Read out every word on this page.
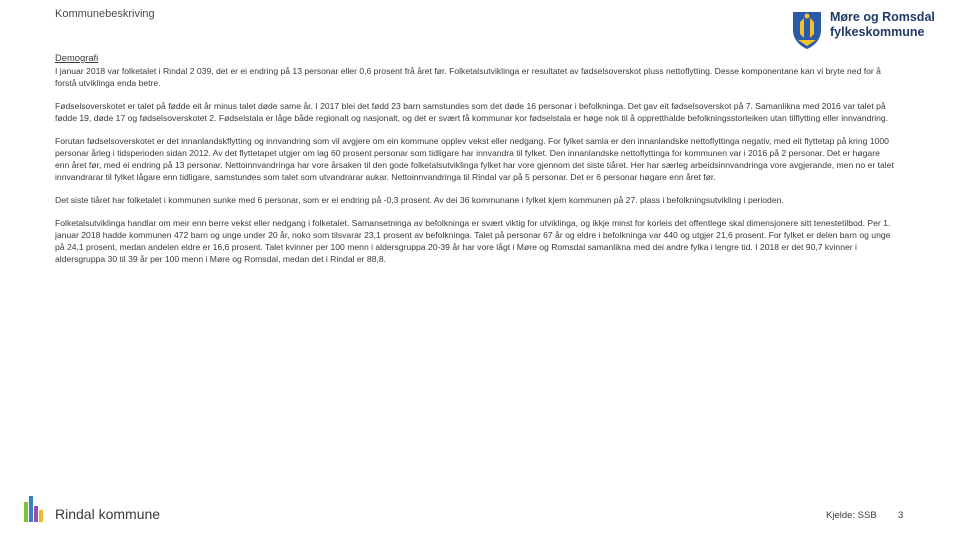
Kommunebeskriving	Møre og Romsdal
fylkeskommune
Demografi

I januar 2018 var folketalet i Rindal 2 039, det er ei endring på 13 personar eller 0,6 prosent frå året før. Folketalsutviklinga er resultatet av fødselsoverskot pluss nettoflytting. Desse komponentane kan vi bryte ned for å forstå utviklinga enda betre.

Fødselsoverskotet er talet på fødde eit år minus talet døde same år. I 2017 blei det fødd 23 barn samstundes som det døde 16 personar i befolkninga. Det gav eit fødselsoverskot på 7. Samanlikna med 2016 var talet på fødde 19, døde 17 og fødselsoverskotet 2. Fødselstala er låge både regionalt og nasjonalt, og det er svært få kommunar kor fødselstala er høge nok til å oppretthalde befolkningsstorleiken utan tilflytting eller innvandring.

Forutan fødselsoverskotet er det innanlandskflytting og innvandring som vil avgjere om ein kommune opplev vekst eller nedgang. For fylket samla er den innanlandske nettoflyttinga negativ, med eit flyttetap på kring 1000 personar årleg i tidsperioden sidan 2012. Av det flyttetapet utgjer om lag 60 prosent personar som tidligare har innvandra til fylket. Den innanlandske nettoflyttinga for kommunen var i 2016 på 2 personar. Det er høgare enn året før, med ei endring på 13 personar. Nettoinnvandringa har vore årsaken til den gode folketalsutviklinga fylket har vore gjennom det siste tiåret. Her har særleg arbeidsinnvandringa vore avgjerande, men no er talet innvandrarar til fylket lågare enn tidligare, samstundes som talet som utvandrarar aukar. Nettoinnvandringa til Rindal var på 5 personar. Det er 6 personar høgare enn året før.

Det siste tiåret har folketalet i kommunen sunke med 6 personar, som er ei endring på -0,3 prosent. Av dei 36 kommunane i fylket kjem kommunen på 27. plass i befolkningsutvikling i perioden.

Folketalsutviklinga handlar om meir enn berre vekst eller nedgang i folketalet. Samansetninga av befolkninga er svært viktig for utviklinga, og ikkje minst for korleis det offentlege skal dimensjonere sitt tenestetilbod. Per 1. januar 2018 hadde kommunen 472 barn og unge under 20 år, noko som tilsvarar 23,1 prosent av befolkninga. Talet på personar 67 år og eldre i befolkninga var 440 og utgjer 21,6 prosent. For fylket er delen barn og unge på 24,1 prosent, medan andelen eldre er 16,6 prosent. Talet kvinner per 100 menn i aldersgruppa 20-39 år har vore lågt i Møre og Romsdal samanlikna med dei andre fylka i lengre tid. I 2018 er det 90,7 kvinner i aldersgruppa 30 til 39 år per 100 menn i Møre og Romsdal, medan det i Rindal er 88,8.

Rindal kommune	Kjelde: SSB 3
